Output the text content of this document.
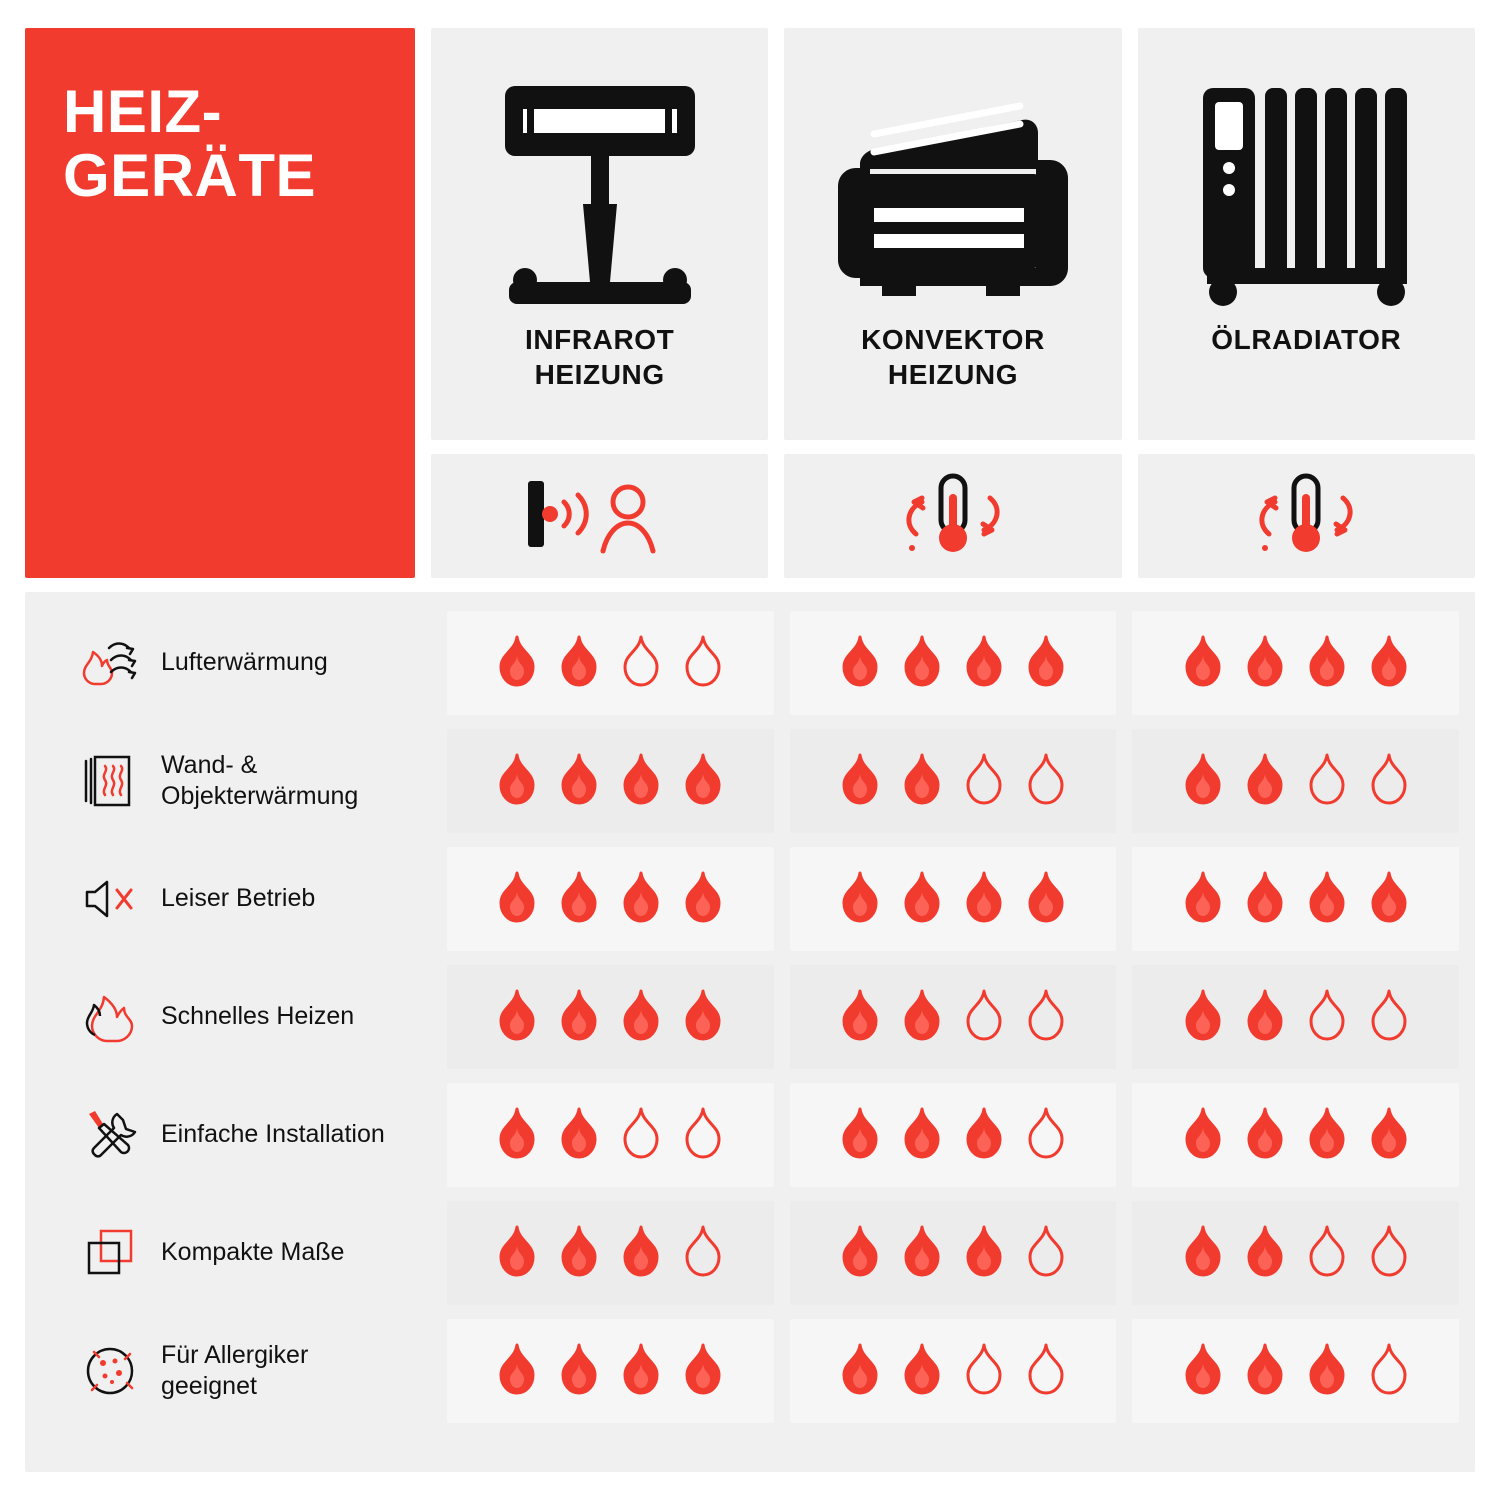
HEIZ-
GERÄTE
INFRAROT
HEIZUNG
KONVEKTOR
HEIZUNG
ÖLRADIATOR
Lufterwärmung
Wand- &
Objekterwärmung
Leiser Betrieb
Schnelles Heizen
Einfache Installation
Kompakte Maße
Für Allergiker
geeignet
